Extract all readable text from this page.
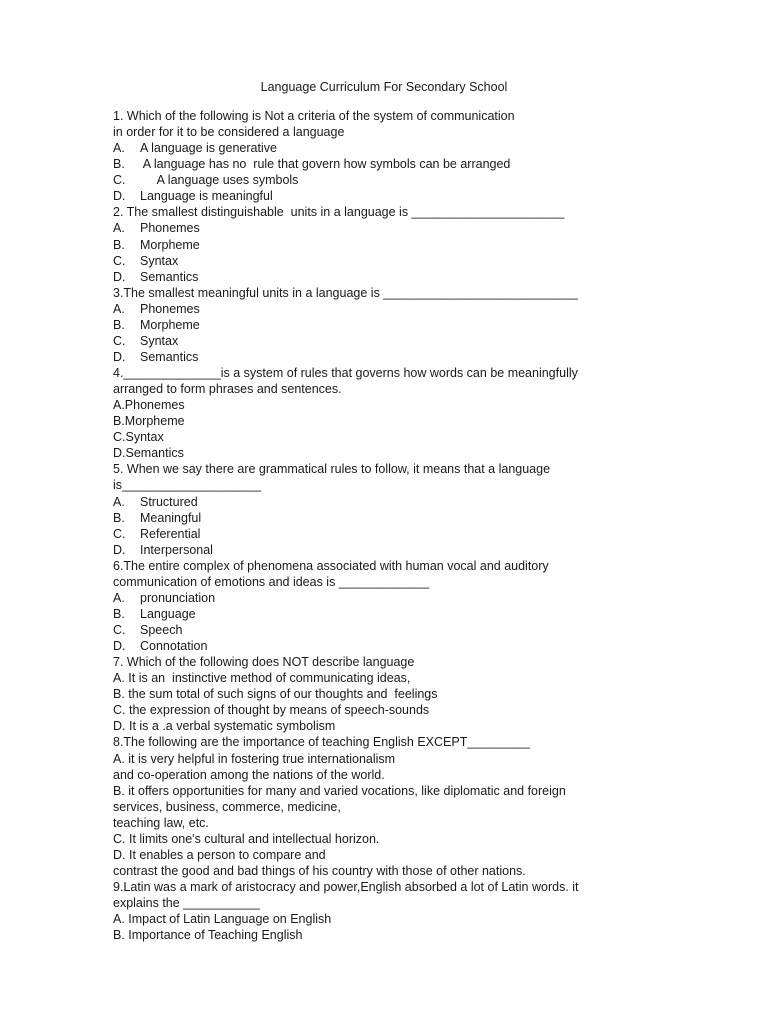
Language Curriculum For Secondary School
1. Which of the following is Not a criteria of the system of communication
in order for it to be considered a language
A.	A language is generative
B.	A language has no  rule that govern how symbols can be arranged
C.	A language uses symbols
D.	Language is meaningful
2. The smallest distinguishable  units in a language is ______________________
A.	Phonemes
B.	Morpheme
C.	Syntax
D.	Semantics
3.The smallest meaningful units in a language is ____________________________
A.	Phonemes
B.	Morpheme
C.	Syntax
D.	Semantics
4.______________is a system of rules that governs how words can be meaningfully
arranged to form phrases and sentences.
A.Phonemes
B.Morpheme
C.Syntax
D.Semantics
5. When we say there are grammatical rules to follow, it means that a language
is____________________
A.	Structured
B.	Meaningful
C.	Referential
D.	Interpersonal
6.The entire complex of phenomena associated with human vocal and auditory
communication of emotions and ideas is _____________
A.	pronunciation
B.	Language
C.	Speech
D.	Connotation
7. Which of the following does NOT describe language
A. It is an  instinctive method of communicating ideas,
B. the sum total of such signs of our thoughts and  feelings
C. the expression of thought by means of speech-sounds
D. It is a .a verbal systematic symbolism
8.The following are the importance of teaching English EXCEPT_________
A. it is very helpful in fostering true internationalism
and co-operation among the nations of the world.
B. it offers opportunities for many and varied vocations, like diplomatic and foreign
services, business, commerce, medicine,
teaching law, etc.
C. It limits one's cultural and intellectual horizon.
D. It enables a person to compare and
contrast the good and bad things of his country with those of other nations.
9.Latin was a mark of aristocracy and power,English absorbed a lot of Latin words. it
explains the ___________
A. Impact of Latin Language on English
B. Importance of Teaching English
